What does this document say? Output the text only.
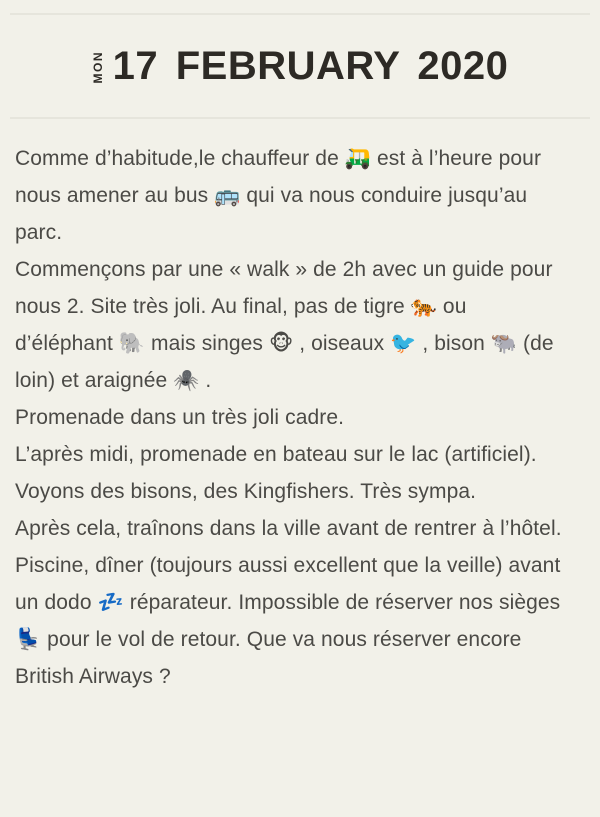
MON 17 FEBRUARY 2020

Comme d’habitude,le chauffeur de 🛺 est à l’heure pour nous amener au bus 🚌 qui va nous conduire jusqu’au parc.

Commençons par une « walk » de 2h avec un guide pour nous 2. Site très joli. Au final, pas de tigre 🐅 ou d’éléphant 🐘 mais singes 🐵 , oiseaux 🐦 , bison 🐃 (de loin) et araignée 🕷️ .

Promenade dans un très joli cadre.

L’après midi, promenade en bateau sur le lac (artificiel). Voyons des bisons, des Kingfishers. Très sympa.

Après cela, traînons dans la ville avant de rentrer à l’hôtel. Piscine, dîner (toujours aussi excellent que la veille) avant un dodo 💤 réparateur. Impossible de réserver nos sièges 💺 pour le vol de retour. Que va nous réserver encore

British Airways ?
